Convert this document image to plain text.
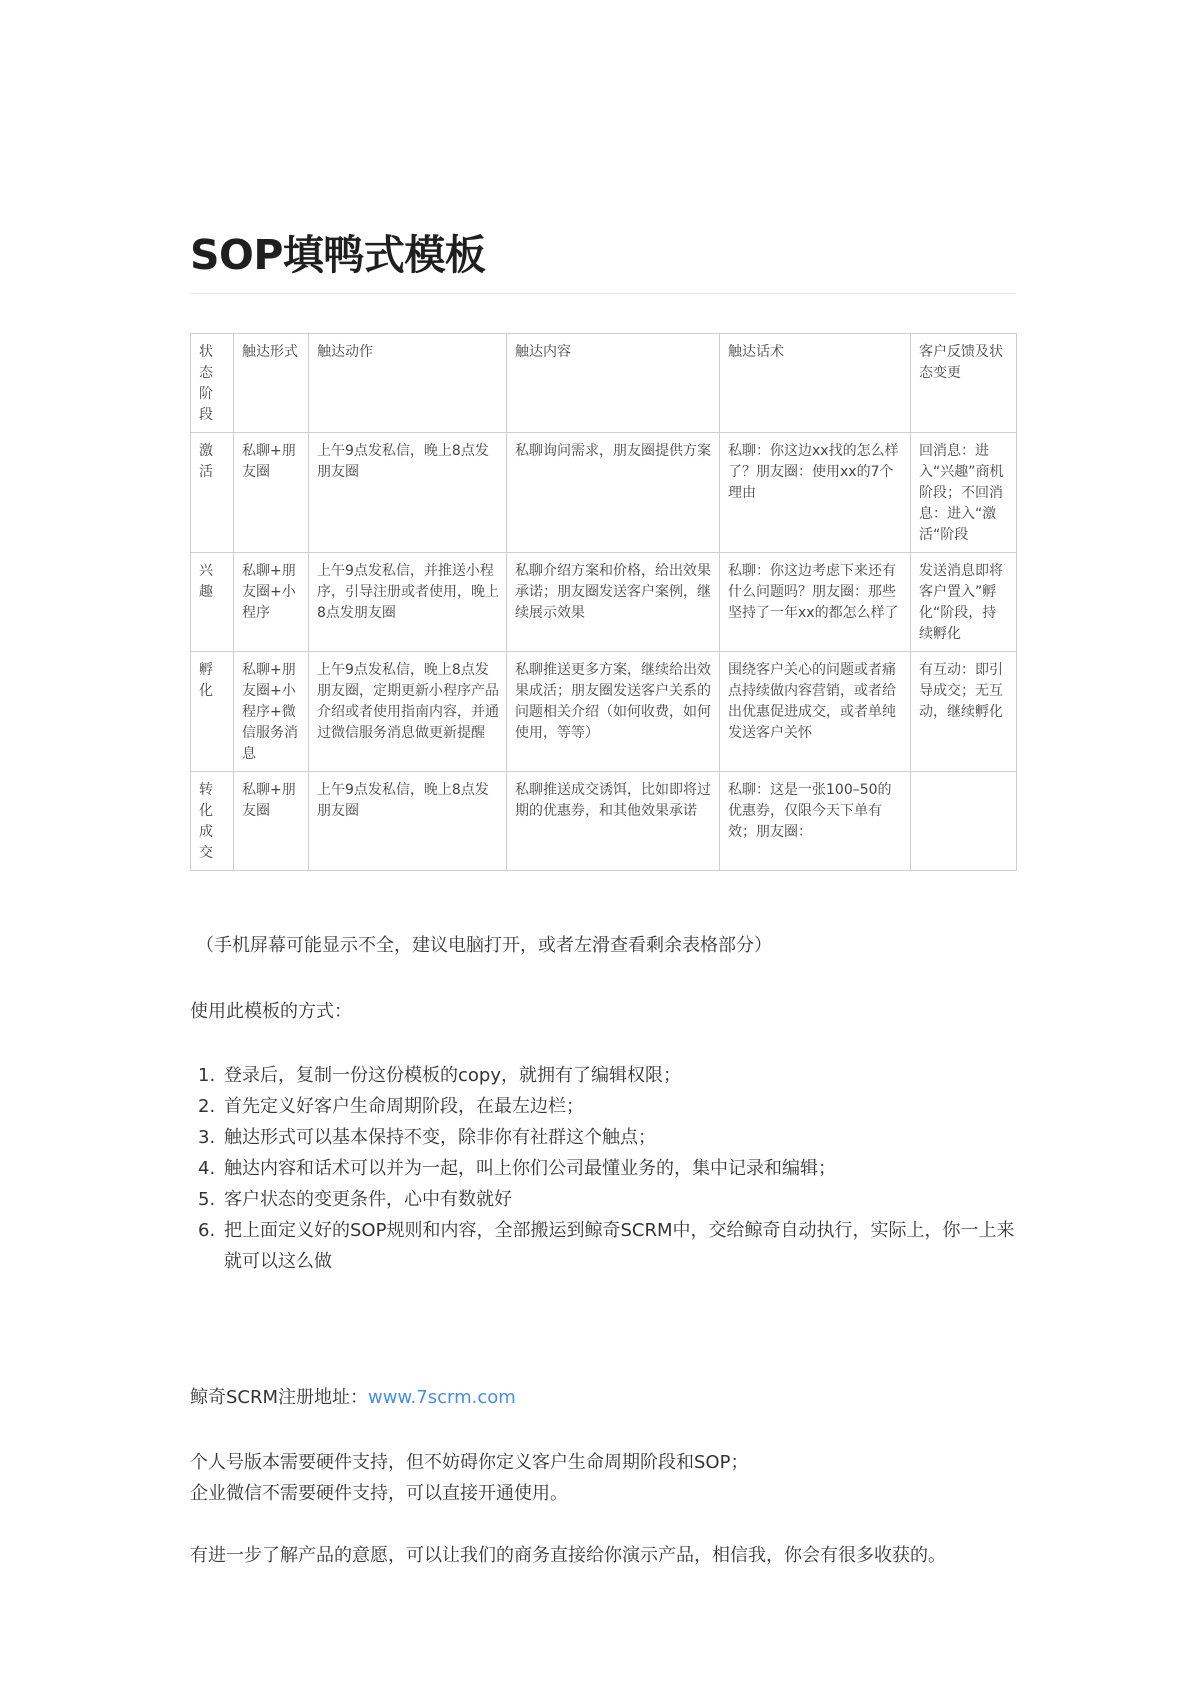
SOP填鸭式模板
状态阶段	触达形式	触达动作	触达内容	触达话术	客户反馈及状态变更
激活	私聊+朋友圈	上午9点发私信，晚上8点发朋友圈	私聊询问需求，朋友圈提供方案	私聊：你这边xx找的怎么样了？朋友圈：使用xx的7个理由	回消息：进入“兴趣”商机阶段；不回消息：进入“激活“阶段
兴趣	私聊+朋友圈+小程序	上午9点发私信，并推送小程序，引导注册或者使用，晚上8点发朋友圈	私聊介绍方案和价格，给出效果承诺；朋友圈发送客户案例，继续展示效果	私聊：你这边考虑下来还有什么问题吗？朋友圈：那些坚持了一年xx的都怎么样了	发送消息即将客户置入”孵化“阶段，持续孵化
孵化	私聊+朋友圈+小程序+微信服务消息	上午9点发私信，晚上8点发朋友圈，定期更新小程序产品介绍或者使用指南内容，并通过微信服务消息做更新提醒	私聊推送更多方案，继续给出效果成活；朋友圈发送客户关系的问题相关介绍（如何收费，如何使用，等等）	围绕客户关心的问题或者痛点持续做内容营销，或者给出优惠促进成交，或者单纯发送客户关怀	有互动：即引导成交；无互动，继续孵化
转化成交	私聊+朋友圈	上午9点发私信，晚上8点发朋友圈	私聊推送成交诱饵，比如即将过期的优惠券，和其他效果承诺	私聊：这是一张100–50的优惠券，仅限今天下单有效；朋友圈：	
（手机屏幕可能显示不全，建议电脑打开，或者左滑查看剩余表格部分）
使用此模板的方式：
1. 登录后，复制一份这份模板的copy，就拥有了编辑权限；
2. 首先定义好客户生命周期阶段，在最左边栏；
3. 触达形式可以基本保持不变，除非你有社群这个触点；
4. 触达内容和话术可以并为一起，叫上你们公司最懂业务的，集中记录和编辑；
5. 客户状态的变更条件，心中有数就好
6. 把上面定义好的SOP规则和内容，全部搬运到鲸奇SCRM中，交给鲸奇自动执行，实际上，你一上来就可以这么做
鲸奇SCRM注册地址：www.7scrm.com
个人号版本需要硬件支持，但不妨碍你定义客户生命周期阶段和SOP；
企业微信不需要硬件支持，可以直接开通使用。
有进一步了解产品的意愿，可以让我们的商务直接给你演示产品，相信我，你会有很多收获的。
